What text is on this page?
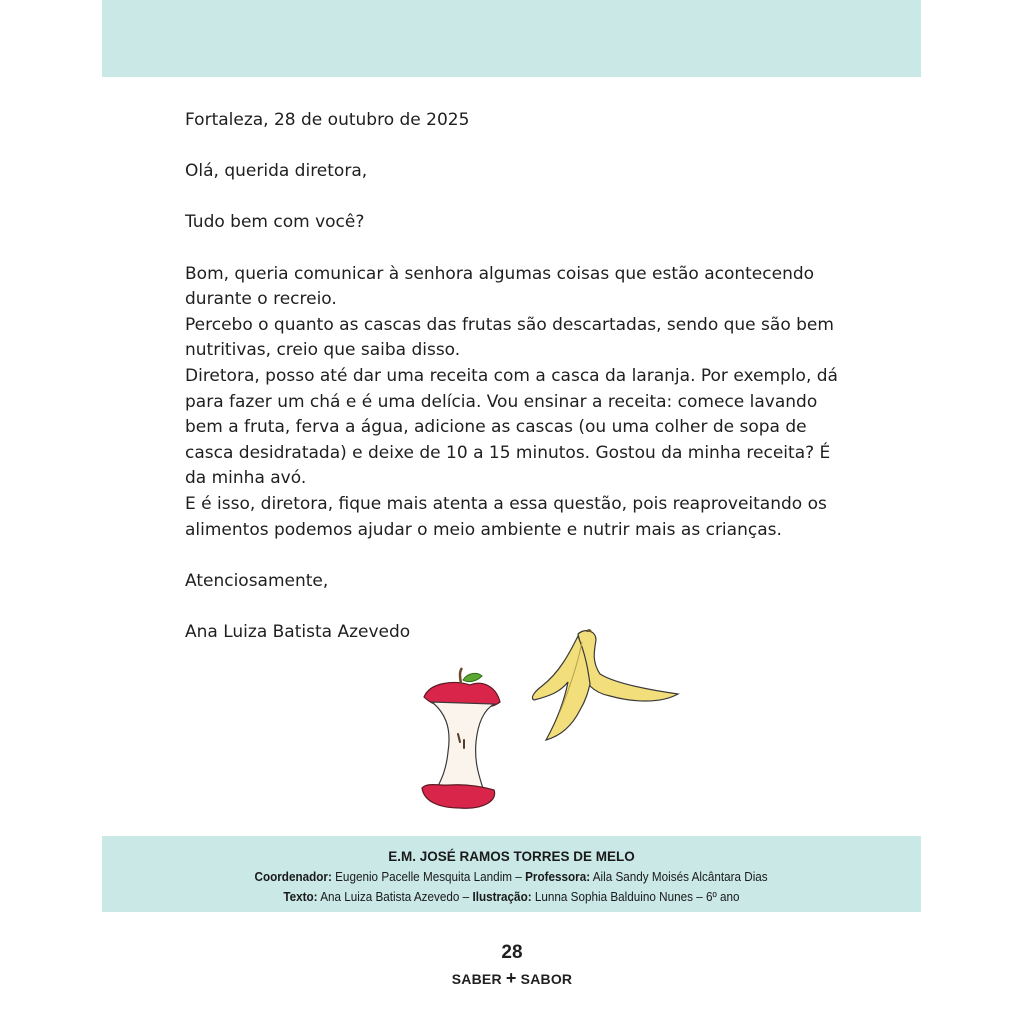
Fortaleza, 28 de outubro de 2025

Olá, querida diretora,

Tudo bem com você?

Bom, queria comunicar à senhora algumas coisas que estão acontecendo durante o recreio.

Percebo o quanto as cascas das frutas são descartadas, sendo que são bem nutritivas, creio que saiba disso.

Diretora, posso até dar uma receita com a casca da laranja. Por exemplo, dá para fazer um chá e é uma delícia. Vou ensinar a receita: comece lavando bem a fruta, ferva a água, adicione as cascas (ou uma colher de sopa de casca desidratada) e deixe de 10 a 15 minutos. Gostou da minha receita? É da minha avó.

E é isso, diretora, fique mais atenta a essa questão, pois reaproveitando os alimentos podemos ajudar o meio ambiente e nutrir mais as crianças.

Atenciosamente,

Ana Luiza Batista Azevedo

E.M. JOSÉ RAMOS TORRES DE MELO
Coordenador: Eugenio Pacelle Mesquita Landim – Professora: Aila Sandy Moisés Alcântara Dias
Texto: Ana Luiza Batista Azevedo – Ilustração: Lunna Sophia Balduino Nunes – 6º ano
28
SABER + SABOR
